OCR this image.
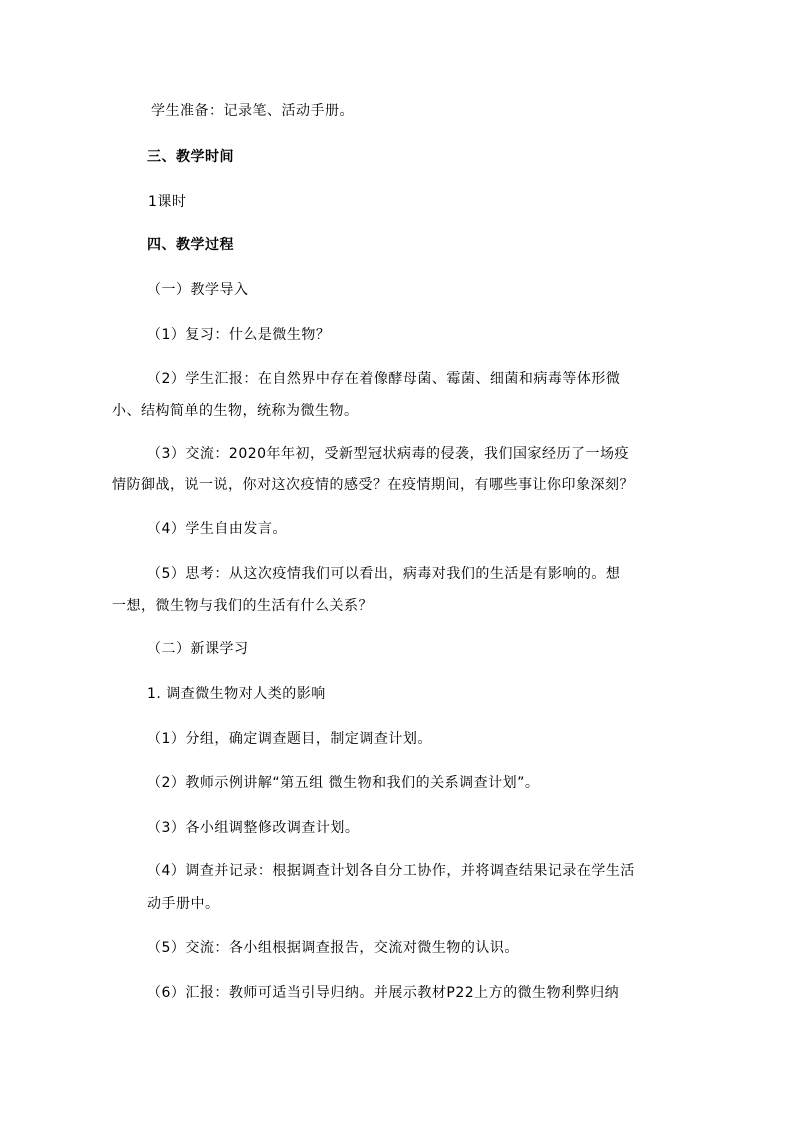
学生准备：记录笔、活动手册。
三、教学时间
1课时
四、教学过程
（一）教学导入
（1）复习：什么是微生物？
（2）学生汇报：在自然界中存在着像酵母菌、霉菌、细菌和病毒等体形微
小、结构简单的生物，统称为微生物。
（3）交流：2020年年初，受新型冠状病毒的侵袭，我们国家经历了一场疫
情防御战，说一说，你对这次疫情的感受？在疫情期间，有哪些事让你印象深刻？
（4）学生自由发言。
（5）思考：从这次疫情我们可以看出，病毒对我们的生活是有影响的。想
一想，微生物与我们的生活有什么关系？
（二）新课学习
1. 调查微生物对人类的影响
（1）分组，确定调查题目，制定调查计划。
（2）教师示例讲解“第五组 微生物和我们的关系调查计划”。
（3）各小组调整修改调查计划。
（4）调查并记录：根据调查计划各自分工协作，并将调查结果记录在学生活
动手册中。
（5）交流：各小组根据调查报告，交流对微生物的认识。
（6）汇报：教师可适当引导归纳。并展示教材P22上方的微生物利弊归纳
